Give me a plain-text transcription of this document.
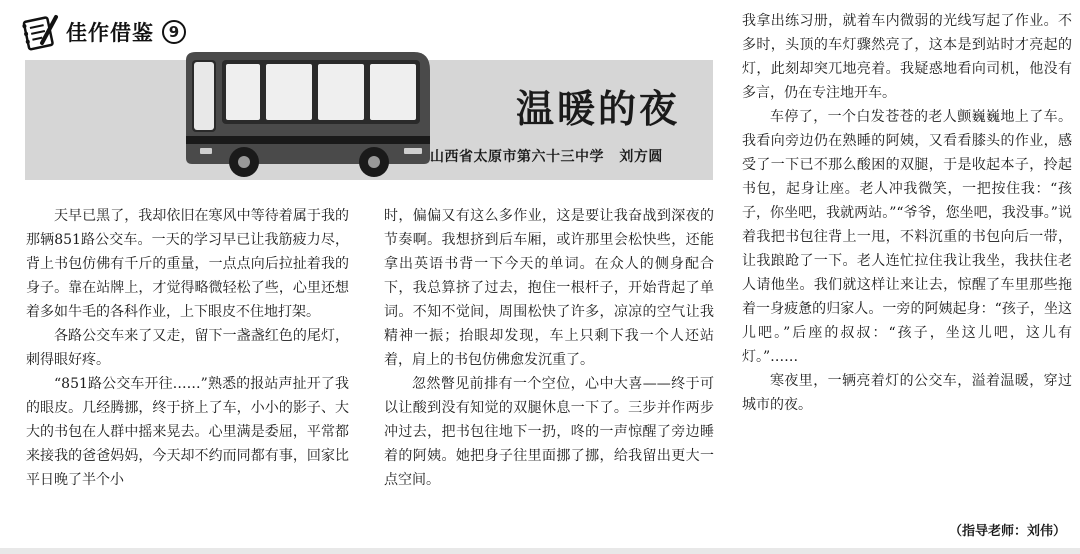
佳作借鉴 9
温暖的夜
山西省太原市第六十三中学 刘方圆

天早已黑了，我却依旧在寒风中等待着属于我的那辆851路公交车。一天的学习早已让我筋疲力尽，背上书包仿佛有千斤的重量，一点点向后拉扯着我的身子。靠在站牌上，才觉得略微轻松了些，心里还想着多如牛毛的各科作业，上下眼皮不住地打架。

各路公交车来了又走，留下一盏盏红色的尾灯，刺得眼好疼。

“851路公交车开往……”熟悉的报站声扯开了我的眼皮。几经腾挪，终于挤上了车，小小的影子、大大的书包在人群中摇来晃去。心里满是委屈，平常都来接我的爸爸妈妈，今天却不约而同都有事，回家比平日晚了半个小

时，偏偏又有这么多作业，这是要让我奋战到深夜的节奏啊。我想挤到后车厢，或许那里会松快些，还能拿出英语书背一下今天的单词。在众人的侧身配合下，我总算挤了过去，抱住一根杆子，开始背起了单词。不知不觉间，周围松快了许多，凉凉的空气让我精神一振；抬眼却发现，车上只剩下我一个人还站着，肩上的书包仿佛愈发沉重了。

忽然瞥见前排有一个空位，心中大喜——终于可以让酸到没有知觉的双腿休息一下了。三步并作两步冲过去，把书包往地下一扔，咚的一声惊醒了旁边睡着的阿姨。她把身子往里面挪了挪，给我留出更大一点空间。

我拿出练习册，就着车内微弱的光线写起了作业。不多时，头顶的车灯骤然亮了，这本是到站时才亮起的灯，此刻却突兀地亮着。我疑惑地看向司机，他没有多言，仍在专注地开车。

车停了，一个白发苍苍的老人颤巍巍地上了车。我看向旁边仍在熟睡的阿姨，又看看膝头的作业，感受了一下已不那么酸困的双腿，于是收起本子，拎起书包，起身让座。老人冲我微笑，一把按住我：“孩子，你坐吧，我就两站。”“爷爷，您坐吧，我没事。”说着我把书包往背上一甩，不料沉重的书包向后一带，让我踉跄了一下。老人连忙拉住我让我坐，我扶住老人请他坐。我们就这样让来让去，惊醒了车里那些拖着一身疲惫的归家人。一旁的阿姨起身：“孩子，坐这儿吧。”后座的叔叔：“孩子，坐这儿吧，这儿有灯。”……

寒夜里，一辆亮着灯的公交车，溢着温暖，穿过城市的夜。

（指导老师：刘伟）
